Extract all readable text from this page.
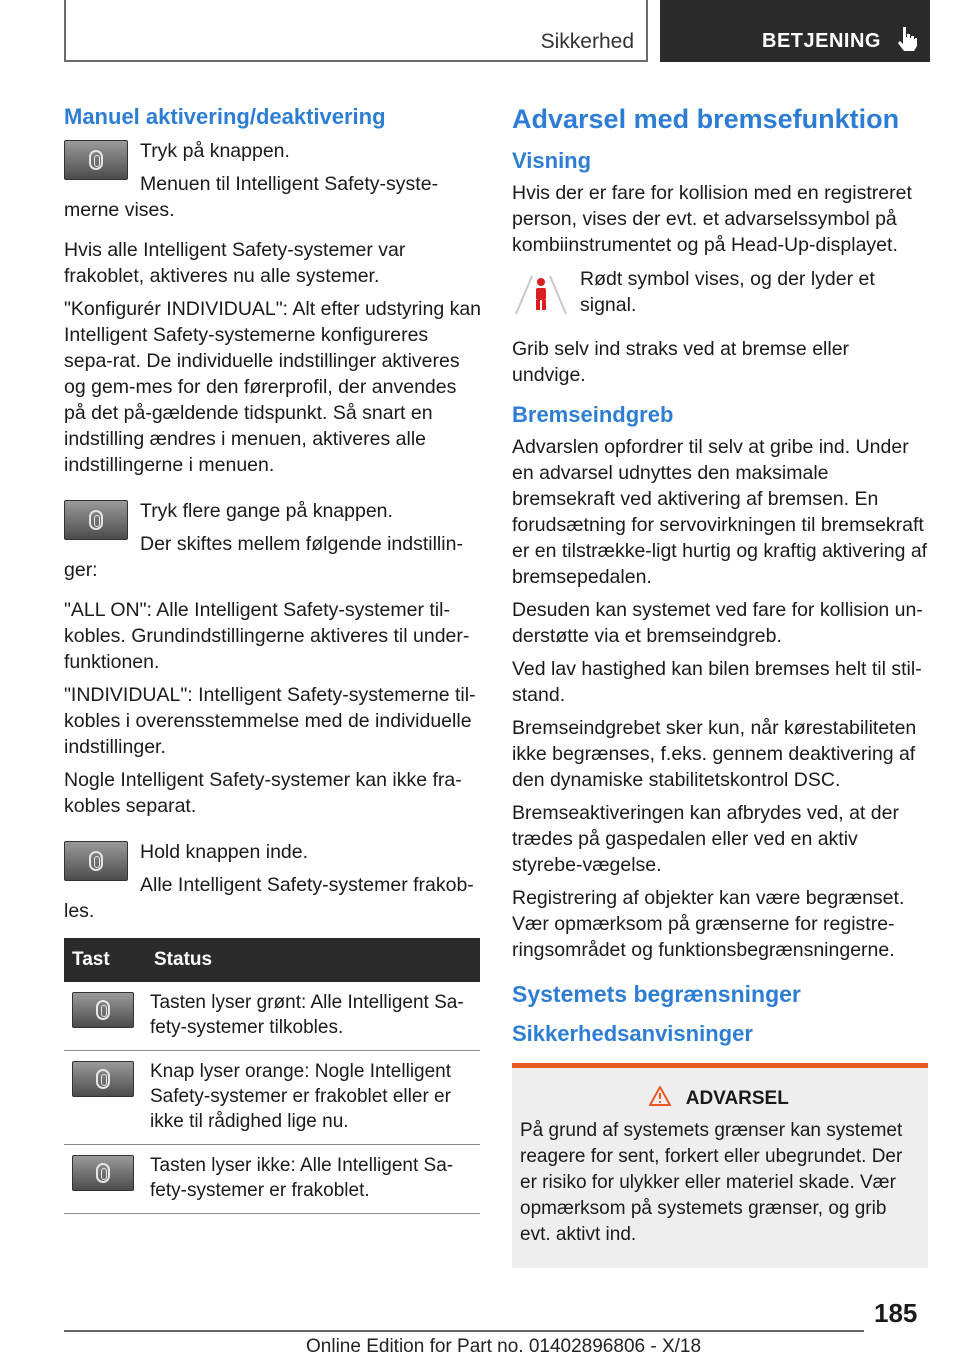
Sikkerhed	BETJENING
Manuel aktivering/deaktivering

Tryk på knappen.

Menuen til Intelligent Safety-syste-merne vises.

Hvis alle Intelligent Safety-systemer var frakoblet, aktiveres nu alle systemer.

"Konfigurér INDIVIDUAL": Alt efter udstyring kan Intelligent Safety-systemerne konfigureres sepa-rat. De individuelle indstillinger aktiveres og gem-mes for den førerprofil, der anvendes på det på-gældende tidspunkt. Så snart en indstilling ændres i menuen, aktiveres alle indstillingerne i menuen.

Tryk flere gange på knappen.

Der skiftes mellem følgende indstillin-ger:

"ALL ON": Alle Intelligent Safety-systemer til-kobles. Grundindstillingerne aktiveres til under-funktionen.

"INDIVIDUAL": Intelligent Safety-systemerne til-kobles i overensstemmelse med de individuelle indstillinger.

Nogle Intelligent Safety-systemer kan ikke fra-kobles separat.

Hold knappen inde.

Alle Intelligent Safety-systemer frakob-les.

Tast	Status

	Tasten lyser grønt: Alle Intelligent Sa-fety-systemer tilkobles.

	Knap lyser orange: Nogle Intelligent Safety-systemer er frakoblet eller er ikke til rådighed lige nu.

	Tasten lyser ikke: Alle Intelligent Sa-fety-systemer er frakoblet.
Advarsel med bremsefunktion
Visning

Hvis der er fare for kollision med en registreret person, vises der evt. et advarselssymbol på kombiinstrumentet og på Head-Up-displayet.

Rødt symbol vises, og der lyder et signal.

Grib selv ind straks ved at bremse eller undvige.

Bremseindgreb

Advarslen opfordrer til selv at gribe ind. Under en advarsel udnyttes den maksimale bremsekraft ved aktivering af bremsen. En forudsætning for servovirkningen til bremsekraft er en tilstrække-ligt hurtig og kraftig aktivering af bremsepedalen.

Desuden kan systemet ved fare for kollision un-derstøtte via et bremseindgreb.

Ved lav hastighed kan bilen bremses helt til stil-stand.

Bremseindgrebet sker kun, når kørestabiliteten ikke begrænses, f.eks. gennem deaktivering af den dynamiske stabilitetskontrol DSC.

Bremseaktiveringen kan afbrydes ved, at der trædes på gaspedalen eller ved en aktiv styrebe-vægelse.

Registrering af objekter kan være begrænset. Vær opmærksom på grænserne for registre-ringsområdet og funktionsbegrænsningerne.

Systemets begrænsninger
Sikkerhedsanvisninger
ADVARSEL
På grund af systemets grænser kan systemet reagere for sent, forkert eller ubegrundet. Der er risiko for ulykker eller materiel skade. Vær opmærksom på systemets grænser, og grib evt. aktivt ind.
185
Online Edition for Part no. 01402896806 - X/18
